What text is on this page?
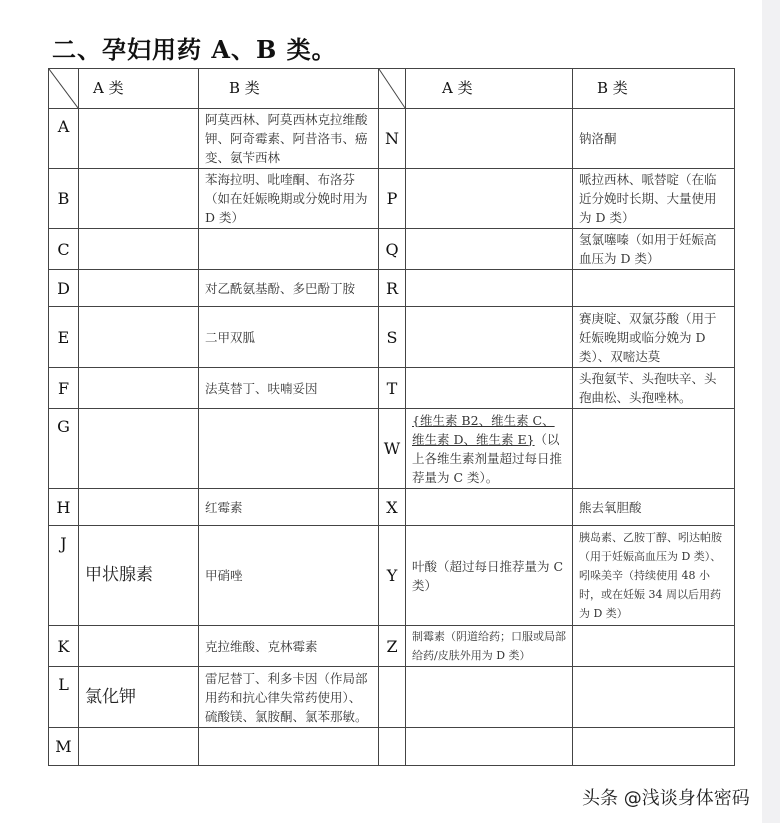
二、孕妇用药 A、B 类。
	A 类	B 类		A 类	B 类
A		阿莫西林、阿莫西林克拉维酸钾、阿奇霉素、阿昔洛韦、癌变、氨苄西林	N		钠洛酮
B		苯海拉明、吡喹酮、布洛芬（如在妊娠晚期或分娩时用为 D 类）	P		哌拉西林、哌替啶（在临近分娩时长期、大量使用为 D 类）
C			Q		氢氯噻嗪（如用于妊娠高血压为 D 类）
D		对乙酰氨基酚、多巴酚丁胺	R		
E		二甲双胍	S		赛庚啶、双氯芬酸（用于妊娠晚期或临分娩为 D 类）、双嘧达莫
F		法莫替丁、呋喃妥因	T		头孢氨苄、头孢呋辛、头孢曲松、头孢唑林。
G			W	{维生素 B2、维生素 C、维生素 D、维生素 E}（以上各维生素剂量超过每日推荐量为 C 类）。	
H		红霉素	X		熊去氧胆酸
J	甲状腺素	甲硝唑	Y	叶酸（超过每日推荐量为 C 类）	胰岛素、乙胺丁醇、吲达帕胺（用于妊娠高血压为 D 类）、吲哚美辛（持续使用 48 小时，或在妊娠 34 周以后用药为 D 类）
K		克拉维酸、克林霉素	Z	制霉素（阴道给药；口服或局部给药/皮肤外用为 D 类）	
L	氯化钾	雷尼替丁、利多卡因（作局部用药和抗心律失常药使用）、硫酸镁、氯胺酮、氯苯那敏。			
M					
头条 @浅谈身体密码
